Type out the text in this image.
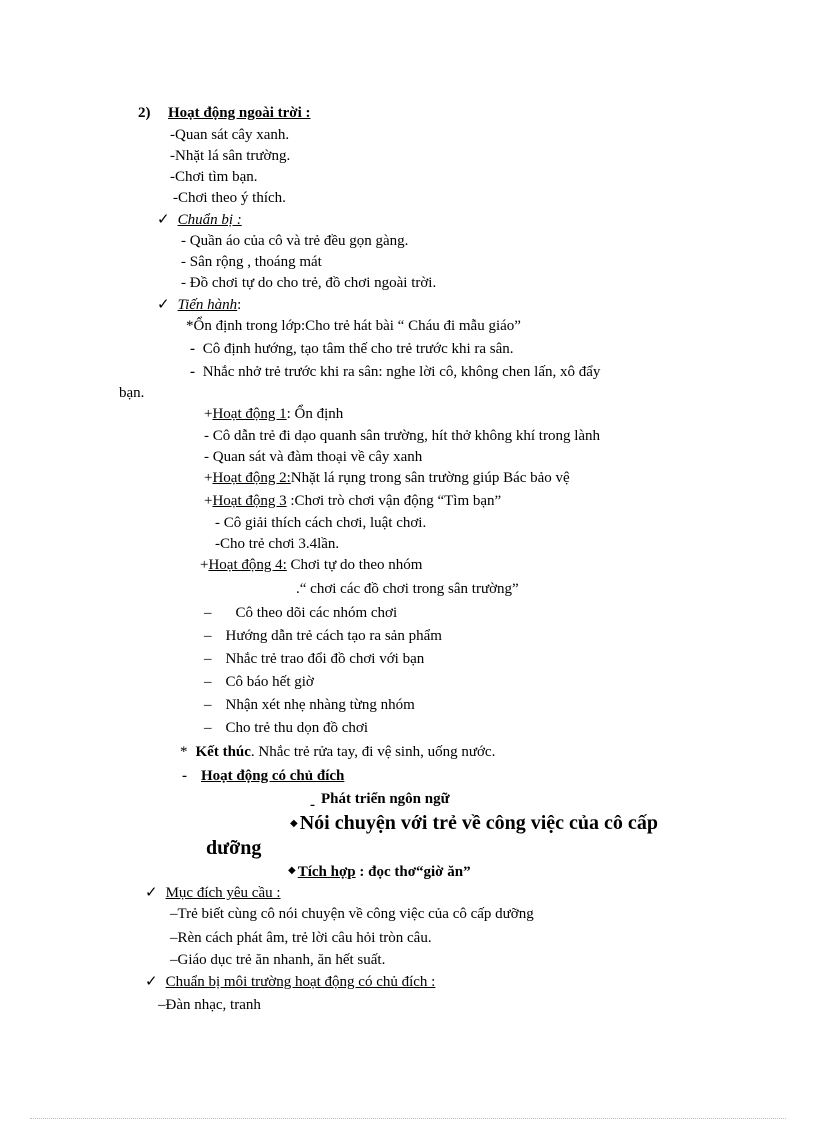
2) Hoạt động ngoài trời :
-Quan sát cây xanh.
-Nhặt lá sân trường.
-Chơi tìm bạn.
-Chơi theo ý thích.
✓ Chuẩn bị :
- Quần áo của cô và trẻ đều gọn gàng.
- Sân rộng , thoáng mát
- Đồ chơi tự do cho trẻ, đồ chơi ngoài trời.
✓ Tiến hành:
*Ổn định trong lớp:Cho trẻ hát bài “ Cháu đi mẫu giáo”
- Cô định hướng, tạo tâm thế cho trẻ trước khi ra sân.
- Nhắc nhở trẻ trước khi ra sân: nghe lời cô, không chen lấn, xô đẩy
bạn.
+Hoạt động 1: Ổn định
- Cô dẫn trẻ đi dạo quanh sân trường, hít thở không khí trong lành
- Quan sát và đàm thoại về cây xanh
+Hoạt động 2:Nhặt lá rụng trong sân trường giúp Bác bảo vệ
+Hoạt động 3 :Chơi trò chơi vận động “Tìm bạn”
- Cô giải thích cách chơi, luật chơi.
-Cho trẻ chơi 3.4lần.
+Hoạt động 4: Chơi tự do theo nhóm
.“ chơi các đồ chơi trong sân trường”
– Cô theo dõi các nhóm chơi
– Hướng dẫn trẻ cách tạo ra sản phẩm
– Nhắc trẻ trao đổi đồ chơi với bạn
– Cô báo hết giờ
– Nhận xét nhẹ nhàng từng nhóm
– Cho trẻ thu dọn đồ chơi
* Kết thúc. Nhắc trẻ rửa tay, đi vệ sinh, uống nước.
- Hoạt động có chủ đích
- Phát triển ngôn ngữ
◆ Nói chuyện với trẻ về công việc của cô cấp
dưỡng
◆ Tích hợp : đọc thơ“giờ ăn”
✓ Mục đích yêu cầu :
–Trẻ biết cùng cô nói chuyện về công việc của cô cấp dưỡng
–Rèn cách phát âm, trẻ lời câu hỏi tròn câu.
–Giáo dục trẻ ăn nhanh, ăn hết suất.
✓ Chuẩn bị môi trường hoạt động có chủ đích :
–Đàn nhạc, tranh
